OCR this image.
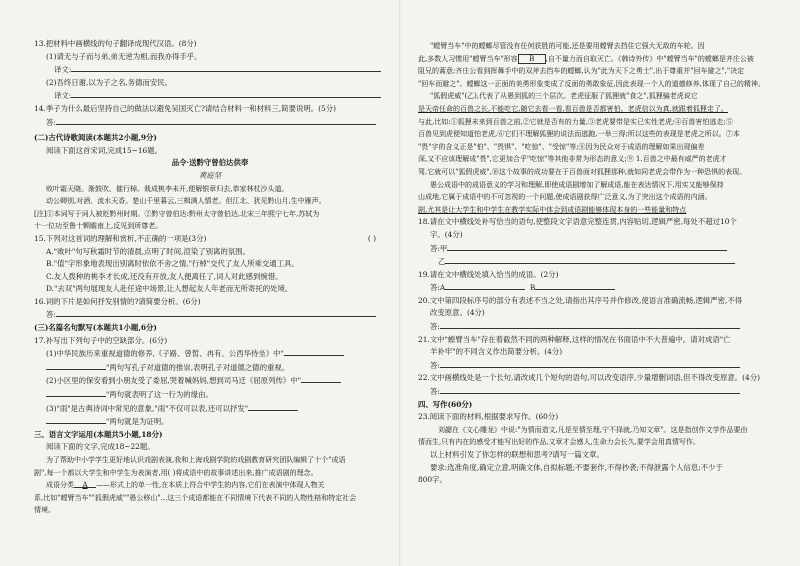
13.把材料中画横线的句子翻译成现代汉语。(8分)

(1)请无与子而与弟,弟无逆为相,而我亦得手乎。

译文:

(2)吾终日谢,以为子之名,务德而安民。

译文:

14.季子为什么最后坚持自己的做法以避免吴国灭亡?请结合材料一和材料三,简要说明。(5分)

答:

(二)古代诗歌阅读(本题共2小题,9分)

阅读下面这首宋词,完成15~16题。

品令·送黔守曾伯达供奉

黄庭坚

败叶霜天晓。渐鼓吹、催行棹。栽成桃李未开,便解银章归去,恭家林杖沙头道。

动公卿别,对酒、流水天香。楚山千里暮云,三楫满人情老。但江北、犹见黔山月,生中雁声。

[注]①本词写于词人被贬黔州时期。②黔守曾伯达:黔州太守曾伯达,北宋三年熙宁七年,苏轼为

十一位功至鲁十颗瞻南上,反见到所尊老。

15.下列对这首词的理解和赏析,不正确的一项是(3分)	( )

A."败叶"句写秋霜时节的清晨,点明了时间,渲染了别离的氛围。

B."值"字形象地表现出别离时依依不舍之情,"行棹"交代了友人所乘交通工具。

C.友人拨种的桃李才长成,还没有开放,友人便离任了,词人对此感到惋惜。

D."去双"两句展现友人赴任途中场景,让人想起友人年老而无所寄托的处境。

16.词的下片是如何抒发别情的?请简要分析。(6分)

答:

(三)名篇名句默写(本题共1小题,6分)

17.补写出下列句子中的空缺部分。(6分)

(1)中华民族历来重视道德的修养,《子路、曾皙、冉有、公西华侍坐》中"

"两句写孔子对道德的推崇,表明孔子对道德之德的重视。

(2)小区里的保安看到小朋友受了委屈,哭着喊妈妈,想到司马迁《屈原列传》中"

"两句就表明了这一行为的缘由。

(3)"雨"是古典诗词中常见的意象,"雨"不仅可以表,还可以抒发"

"两句就是为证明。

三、语言文字运用(本题共5小题,18分)

阅读下面的文字,完成18~22题。

为了帮助中小学学生更好地认识戏剧表演,我和上海戏剧学院的戏剧教育研究团队编辑了十个"成语

剧",每一个都以大学生和中学生为表演者,用( )将成语中的故事讲述出来,推广成语剧的理念。

成语分类 A ——形式上的单一性,在本质上符合中学生的内容,它们在表演中体现人物关

系,比如"螳臂当车""狐假虎威""愚公移山"...这三个成语都能在不同情境下代表不同的人物性格和特定社会

情境。

"螳臂当车"中的螳螂尽管没有任何获胜的可能,还是要用螳臂去挡住它强大无敌的车轮。因

此,多数人习惯用"螳臂当车"形容 B ,自不量力而自取灭亡。《韩诗外传》中"螳臂当车"的螳螂是齐庄公被

阻兄的蒿意;齐庄公看到挥舞手中的双斧去挡车的螳螂,认为"此为天下之勇士",出于尊重并"回车避之","决定

"回车而避之"。螳螂这一正面的美勇形象变成了反面的勇敢象征,因此表现一个人的道德修养,体现了自己的精神。

"狐假虎威"(乙),代表了从愚到狐的三个层次。老虎征服了狐狸就"食之",狐狸骗老虎说它

是天帝任命的百兽之长,不能吃它,随它去看一看,看百兽是否都害怕。老虎信以为真,就跟着狐狸走了。

与此,比如:①狐狸未来到百兽之前,②它就是否有的力量,③老虎要带是实已实性老虎;④百兽害怕逃走;⑤

百兽见到虎便知道怕老虎,⑥它们不理解狐狸的说法而逃跑,一举三得;所以这些的表现是老虎之所以。⑦本

"畏"字的含义正是"怕"、"畏惧"、"吃惊"、"受惊"等;⑧因为民众对于成语的理解如果出现偏差

深,又不应该理解成"畏",它更加合乎"吃惊"等其他非常为形态的意义;⑨ 1.百兽之中最有威严的老虎才

驾,它就可以"狐假虎威",⑩这个故事的成功要在于百兽面对狐狸那种,就如同老虎会带作为一种恐惧的表现。

愚公成语中的成语意义的学习和理解,即使成语剧增加了解成语,能在表达情况下,用实又能够保持

山成地,它属于成语中的不可忽视的一个问题,使成语剧获得广泛意义,为了突出这个成语的内涵。

剧,尤其是让大学生和中学生在教学实际中体会到成语剧能够体现本身的一些能量和特点

18.请在文中横线处补写恰当的语句,使整段文字语意完整连贯,内容贴切,逻辑严密,每处不超过10个

字。(4分)

答:甲

乙

19.请在文中横线处填入恰当的成语。(2分)

答:A	B

20.文中第四段标序号的部分有表述不当之处,请指出其序号并作修改,使语言准确流畅,逻辑严密,不得

改变原意。(4分)

答:

21.文中"螳臂当车"存在着截然不同的两种解释,这样的情况在书面语中不大普遍中。请对成语"亡

羊补牢"的不同含义作出简要分析。(4分)

答:

22.文中画横线处是一个长句,请改成几个短句的语句,可以改变语序,少量增删词语,但不得改变原意。(4分)

答:

四、写作(60分)

23.阅读下面的材料,根据要求写作。(60分)

刘勰在《文心雕龙》中说:"为情而造文,凡是至情至理,宁不择就,乃知文章"。这是指创作文学作品要由

情而生,只有内在的感受才能写出好的作品,文章才会感人,生命力会长久,要学会用真情写作。

以上材料引发了你怎样的联想和思考?请写一篇文章。

要求:选准角度,确定立意,明确文体,自拟标题;不要套作,不得抄袭;不得泄露个人信息;不少于

800字。
